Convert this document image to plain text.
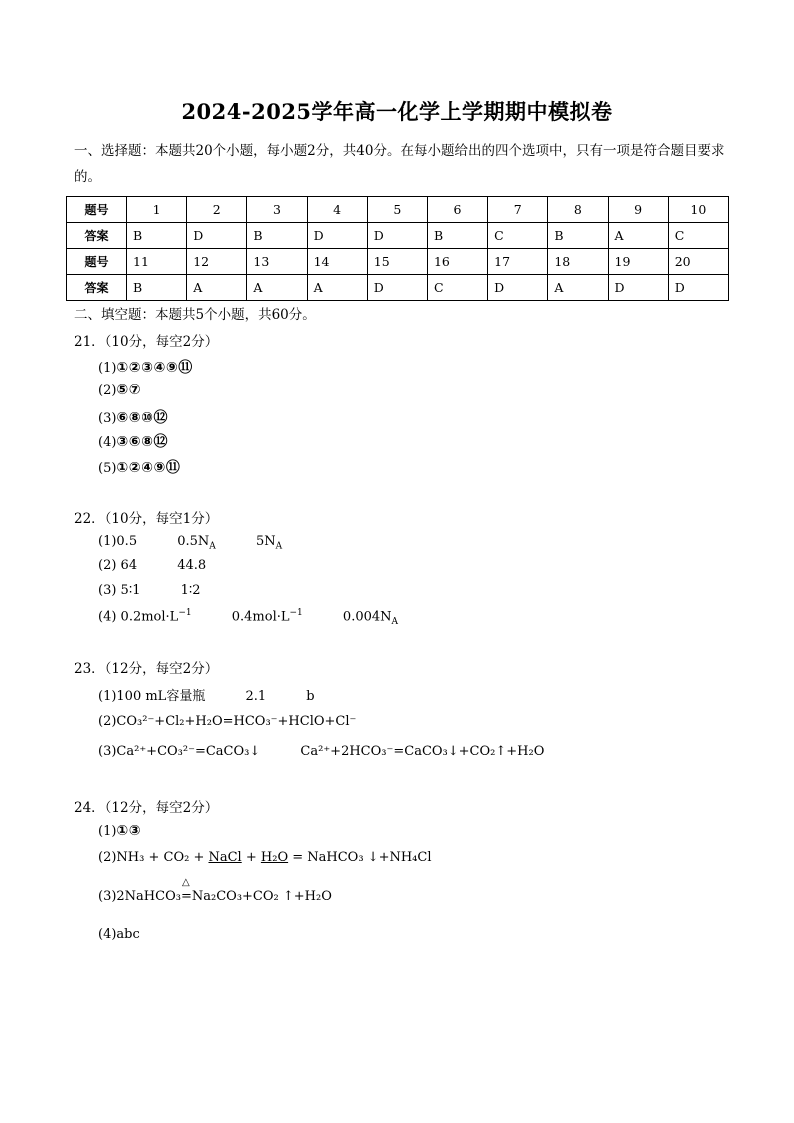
2024-2025学年高一化学上学期期中模拟卷
一、选择题：本题共20个小题，每小题2分，共40分。在每小题给出的四个选项中，只有一项是符合题目要求的。
题号	1	2	3	4	5	6	7	8	9	10
答案	B	D	B	D	D	B	C	B	A	C
题号	11	12	13	14	15	16	17	18	19	20
答案	B	A	A	A	D	C	D	A	D	D
二、填空题：本题共5个小题，共60分。
21．（10分，每空2分）
(1)①②③④⑨⑪
(2)⑤⑦
(3)⑥⑧⑩⑫
(4)③⑥⑧⑫
(5)①②④⑨⑪
22．（10分，每空1分）
(1)0.5	$0.5N_A$	$5N_A$
(2) 64	44.8
(3) 5∶1	1∶2
(4) $0.2mol\cdot L^{-1}$	$0.4mol\cdot L^{-1}$	$0.004N_A$
23．（12分，每空2分）
(1)100 mL容量瓶	2.1	b
(2)CO₃²⁻+Cl₂+H₂O=HCO₃⁻+HClO+Cl⁻
(3)Ca²⁺+CO₃²⁻=CaCO₃↓	Ca²⁺+2HCO₃⁻=CaCO₃↓+CO₂↑+H₂O
24．（12分，每空2分）
(1)①③
(2)NH₃ + CO₂ + NaCl + H₂O = NaHCO₃ ↓+NH₄Cl
(3)2NaHCO₃
△
=Na₂CO₃+CO₂ ↑+H₂O
(4)abc
